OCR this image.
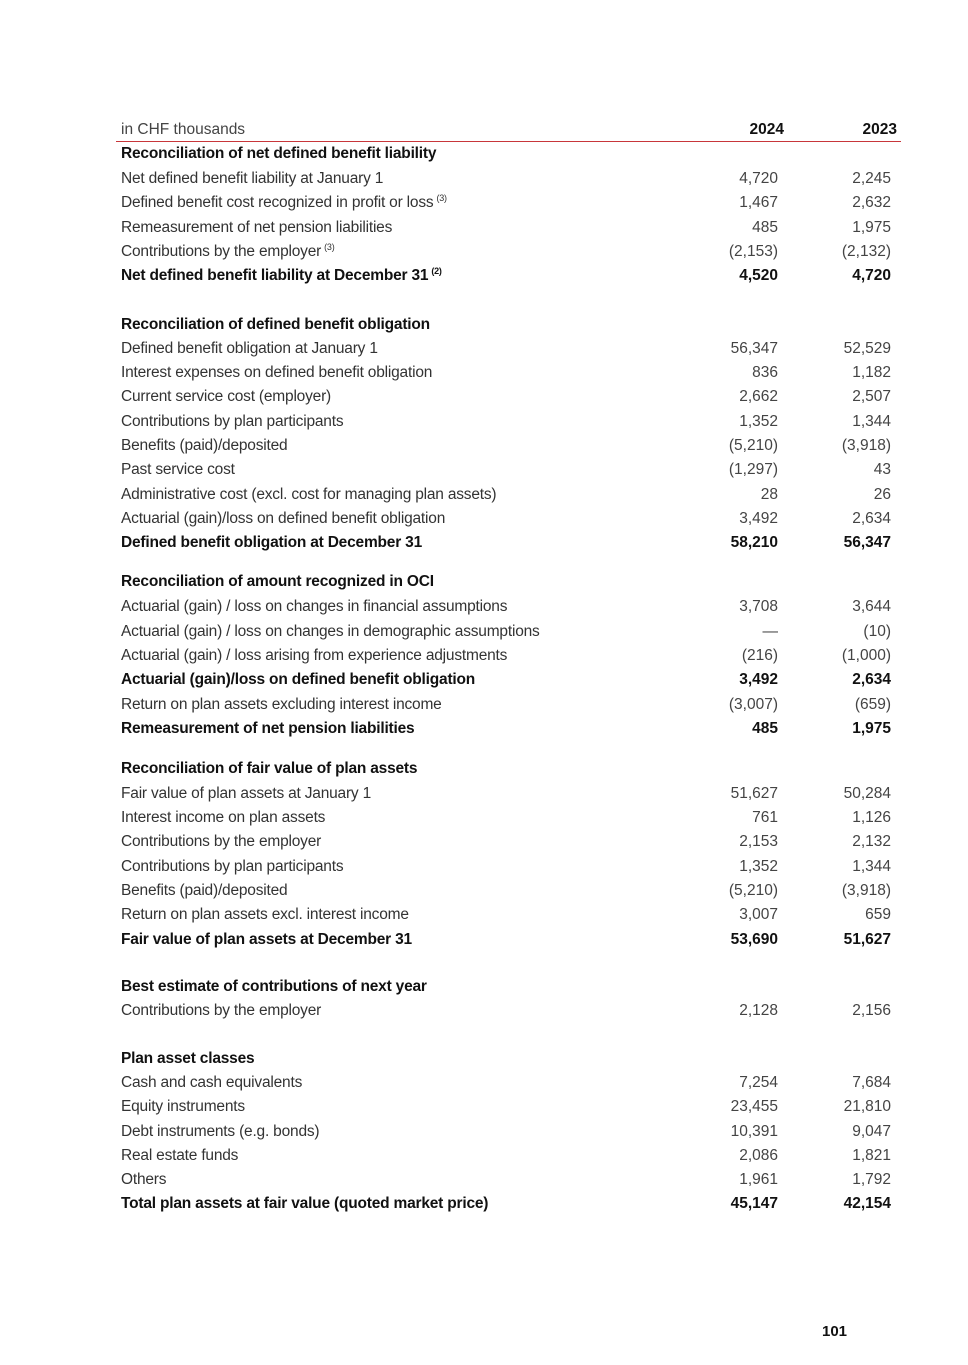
in CHF thousands	2024	2023
Reconciliation of net defined benefit liability
Net defined benefit liability at January 1	4,720	2,245
Defined benefit cost recognized in profit or loss $^{(3)}$	1,467	2,632
Remeasurement of net pension liabilities	485	1,975
Contributions by the employer $^{(3)}$	(2,153)	(2,132)
Net defined benefit liability at December 31 $^{(2)}$	4,520	4,720
Reconciliation of defined benefit obligation
Defined benefit obligation at January 1	56,347	52,529
Interest expenses on defined benefit obligation	836	1,182
Current service cost (employer)	2,662	2,507
Contributions by plan participants	1,352	1,344
Benefits (paid)/deposited	(5,210)	(3,918)
Past service cost	(1,297)	43
Administrative cost (excl. cost for managing plan assets)	28	26
Actuarial (gain)/loss on defined benefit obligation	3,492	2,634
Defined benefit obligation at December 31	58,210	56,347
Reconciliation of amount recognized in OCI
Actuarial (gain) / loss on changes in financial assumptions	3,708	3,644
Actuarial (gain) / loss on changes in demographic assumptions	—	(10)
Actuarial (gain) / loss arising from experience adjustments	(216)	(1,000)
Actuarial (gain)/loss on defined benefit obligation	3,492	2,634
Return on plan assets excluding interest income	(3,007)	(659)
Remeasurement of net pension liabilities	485	1,975
Reconciliation of fair value of plan assets
Fair value of plan assets at January 1	51,627	50,284
Interest income on plan assets	761	1,126
Contributions by the employer	2,153	2,132
Contributions by plan participants	1,352	1,344
Benefits (paid)/deposited	(5,210)	(3,918)
Return on plan assets excl. interest income	3,007	659
Fair value of plan assets at December 31	53,690	51,627
Best estimate of contributions of next year
Contributions by the employer	2,128	2,156
Plan asset classes
Cash and cash equivalents	7,254	7,684
Equity instruments	23,455	21,810
Debt instruments (e.g. bonds)	10,391	9,047
Real estate funds	2,086	1,821
Others	1,961	1,792
Total plan assets at fair value (quoted market price)	45,147	42,154
101
